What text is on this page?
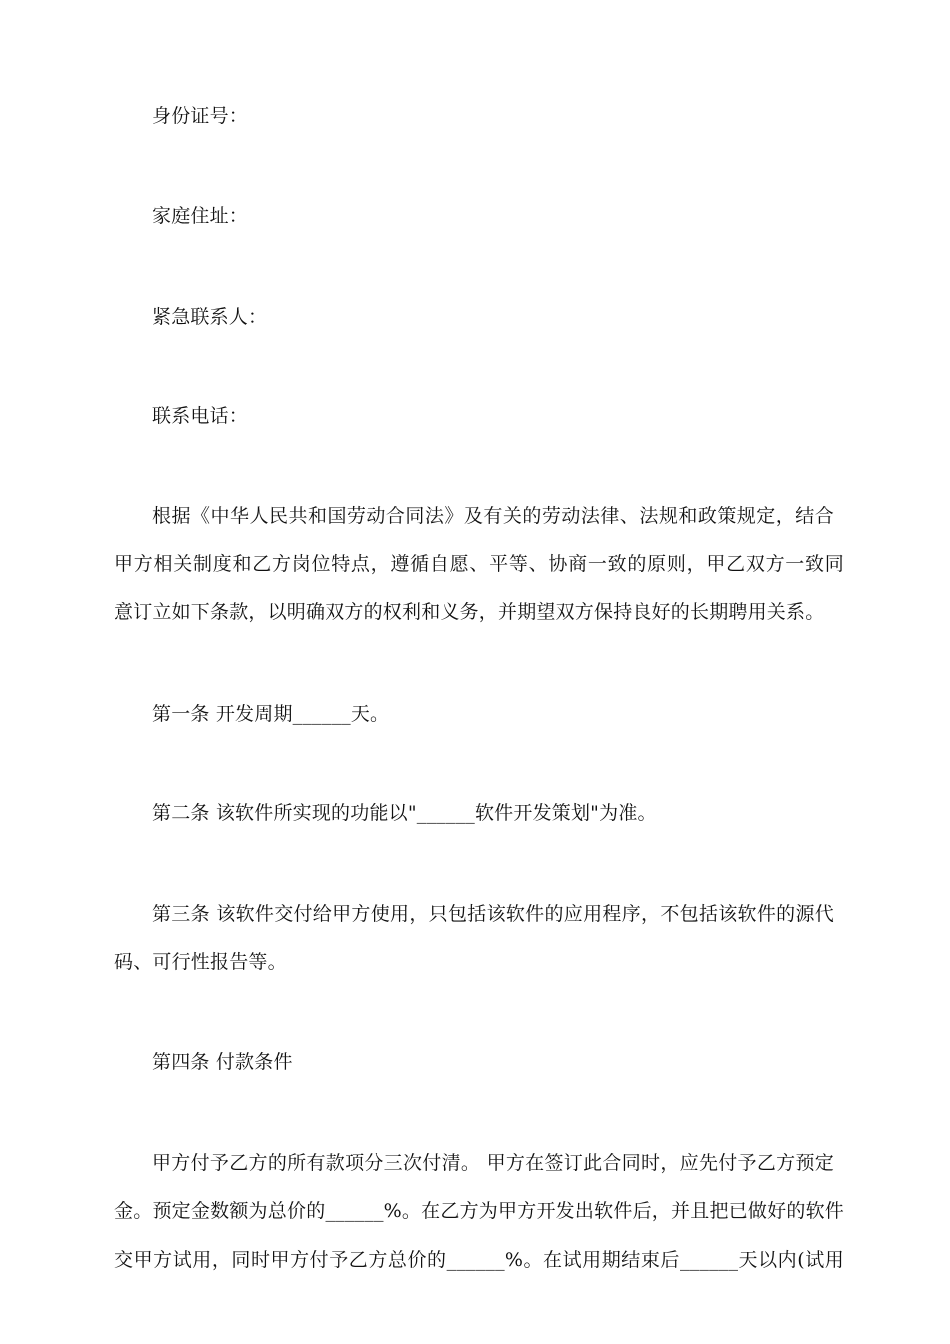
身份证号：
家庭住址：
紧急联系人：
联系电话：
根据《中华人民共和国劳动合同法》及有关的劳动法律、法规和政策规定，结合
甲方相关制度和乙方岗位特点，遵循自愿、平等、协商一致的原则，甲乙双方一致同
意订立如下条款，以明确双方的权利和义务，并期望双方保持良好的长期聘用关系。
第一条 开发周期______天。
第二条 该软件所实现的功能以"______软件开发策划"为准。
第三条 该软件交付给甲方使用，只包括该软件的应用程序，不包括该软件的源代
码、可行性报告等。
第四条 付款条件
甲方付予乙方的所有款项分三次付清。 甲方在签订此合同时，应先付予乙方预定
金。预定金数额为总价的______%。在乙方为甲方开发出软件后，并且把已做好的软件
交甲方试用，同时甲方付予乙方总价的______%。在试用期结束后______天以内(试用
